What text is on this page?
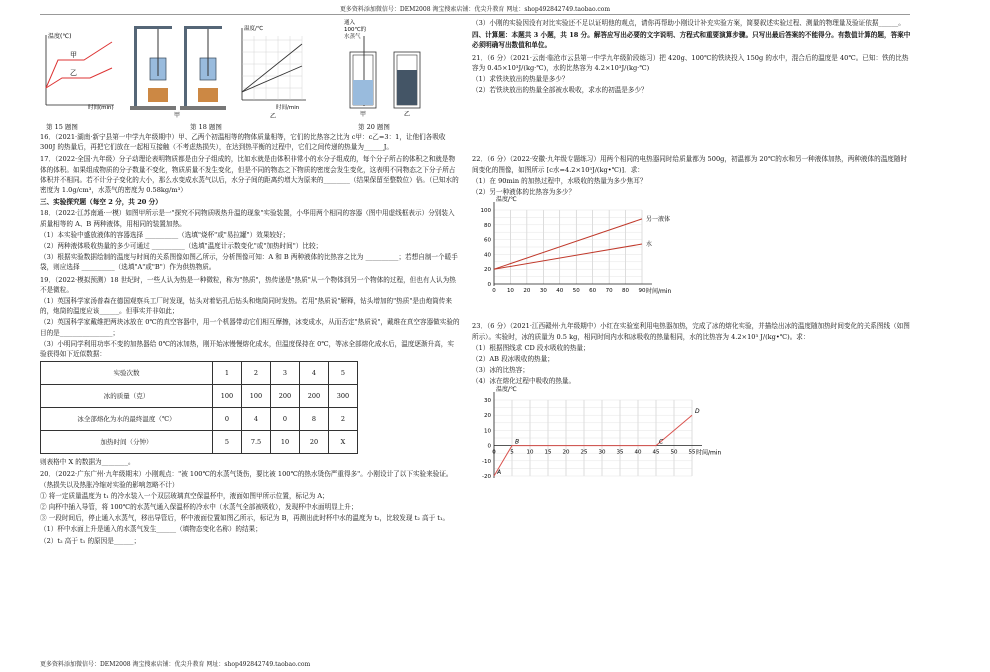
更多资料添加微信号：DEM2008 淘宝搜索店铺：优尖升教育 网址：shop492842749.taobao.com
温度(℃)
时间(min)
甲
乙
甲
温度/℃
时间/min
乙
通入
100℃的
水蒸气
甲	乙
第 15 题图	第 18 题图	第 20 题图

16．（2021·湖南·新宁县第一中学九年级期中）甲、乙两个初温相等的物体质量相等，它们的比热容之比为 c甲：c乙=3：1，让他们各吸收 300J 的热量后，再把它们放在一起相互接触（不考虑热损失），在达到热平衡的过程中，它们之间传递的热量为______J。

17．（2022·全国·九年级）分子动理论表明物质都是由分子组成的，比如水就是由体积非常小的水分子组成的，每个分子所占的体积之和就是物体的体积。如果组成物质的分子数量不变化，物质质量不发生变化，但是不同的物态之下物质的密度会发生变化，这表明不同物态之下分子所占体积并不相同。若不计分子变化的大小，那么水变成水蒸气以后，水分子间的距离约增大为原来的________（结果保留至整数位）倍。（已知水的密度为 1.0g/cm³，水蒸气的密度为 0.58kg/m³）

三、实验探究题（每空 2 分，共 20 分）

18．（2022·江苏南通·一模）如图甲所示是一"探究不同物质吸热升温的现象"实验装置，小华用两个相同的容器（图中用虚线框表示）分别装入质量相等的 A、B 两种液体，用相同的装置加热。

（1）本实验中盛放液体的容器选择 __________（选填"烧杯"或"易拉罐"）效果较好；

（2）两种液体吸收热量的多少可通过 __________（选填"温度计示数变化"或"加热时间"）比较；

（3）根据实验数据绘制的温度与时间的关系图像如图乙所示，分析图像可知：A 和 B 两种液体的比热容之比为 __________；若想自制一个暖手袋，则应选择 __________（选填"A"或"B"）作为供热物质。

19．（2022·模拟预测）18 世纪时，一些人认为热是一种微粒，称为"热质"，热传递是"热质"从一个物体到另一个物体的过程，但也有人认为热不是微粒。

（1）英国科学家汤普森在德国观察兵工厂时发现，钻头对着钻孔后钻头和炮筒同时发热。若用"热质说"解释，钻头增加的"热质"是由炮筒传来的，炮筒的温度应该______。但事实并非如此；

（2）英国科学家戴维把两块冰放在 0℃的真空容器中，用一个机器带动它们相互摩擦，冰变成水，从而否定"热质说"，戴维在真空容器做实验的目的是________________；

（3）小明同学利用功率不变的加热器给 0℃的冰加热，刚开始冰慢慢熔化成水，但温度保持在 0℃，等冰全部熔化成水后，温度逐渐升高，实验获得如下近似数据：

实验次数	1	2	3	4	5
冰的质量（克）	100	100	200	200	300
冰全部熔化为水的最终温度（℃）	0	4	0	8	2
加热时间（分钟）	5	7.5	10	20	X

则表格中 X 的数据为________。

20．（2022·广东广州·九年级期末）小刚观点："被 100℃的水蒸气烫伤，要比被 100℃的热水烫伤严重得多"。小刚设计了以下实验来验证。（热损失以及热胀冷缩对实验的影响忽略不计）

① 将一定质量温度为 t₁ 的冷水装入一个双层玻璃真空保温杯中，液面如图甲所示位置，标记为 A；

② 向杯中插入导管，将 100℃的水蒸气通入保温杯的冷水中（水蒸气全部被吸收），发现杯中水面明显上升；

③ 一段时间后，停止通入水蒸气，移出导管后，杯中液面位置如图乙所示，标记为 B，再测出此时杯中水的温度为 t₂，比较发现 t₂ 高于 t₁。

（1）杯中水面上升是通入的水蒸气发生______（填物态变化名称）的结果；

（2）t₂ 高于 t₁ 的原因是______；

（3）小刚的实验因没有对比实验还不足以证明他的观点，请你再帮助小刚设计补充实验方案，简要叙述实验过程、测量的物理量及验证依据______。

四、计算题：本题共 3 小题，共 18 分。解答应写出必要的文字说明、方程式和重要演算步骤。只写出最后答案的不能得分。有数值计算的题，答案中必须明确写出数值和单位。

21．（6 分）（2021·云南·临沧市云县第一中学九年级阶段练习）把 420g、100℃的铁块投入 150g 的水中，混合后的温度是 40℃。已知：铁的比热容为 0.45×10³J/(kg·℃)，水的比热容为 4.2×10³J/(kg·℃)

（1）求铁块放出的热量是多少？

（2）若铁块放出的热量全部被水吸收，求水的初温是多少？

22．（6 分）（2022·安徽·九年级专题练习）用两个相同的电热器同时给质量都为 500g，初温都为 20℃的水和另一种液体加热，两种液体的温度随时间变化的图像，如图所示 [c水=4.2×10³J/(kg•℃)]．求：

（1）在 90min 的加热过程中，水吸收的热量为多少焦耳？

（2）另一种液体的比热容为多少？

0
20
40
60
80
100
0 10 20 30 40 50 60 70 80 90
温度/℃
时间/min
另一液体
水

23．（6 分）（2021·江西赣州·九年级期中）小红在实验室利用电热器加热，完成了冰的熔化实验，并描绘出冰的温度随加热时间变化的关系图线（如图所示）。实验时，冰的质量为 0.5 kg，相同时间内水和冰吸收的热量相同，水的比热容为 4.2×10³ J/(kg•℃)。求：

（1）根据图线求 CD 段水吸收的热量；

（2）AB 段冰吸收的热量；

（3）冰的比热容；

（4）冰在熔化过程中吸收的热量。

-20
-10
0
10
20
30
0	5 10 15 20 25 30 35 40 45 50 55
温度/℃
时间/min
A
B	C
D
更多资料添加微信号：DEM2008 淘宝搜索店铺：优尖升教育 网址：shop492842749.taobao.com
